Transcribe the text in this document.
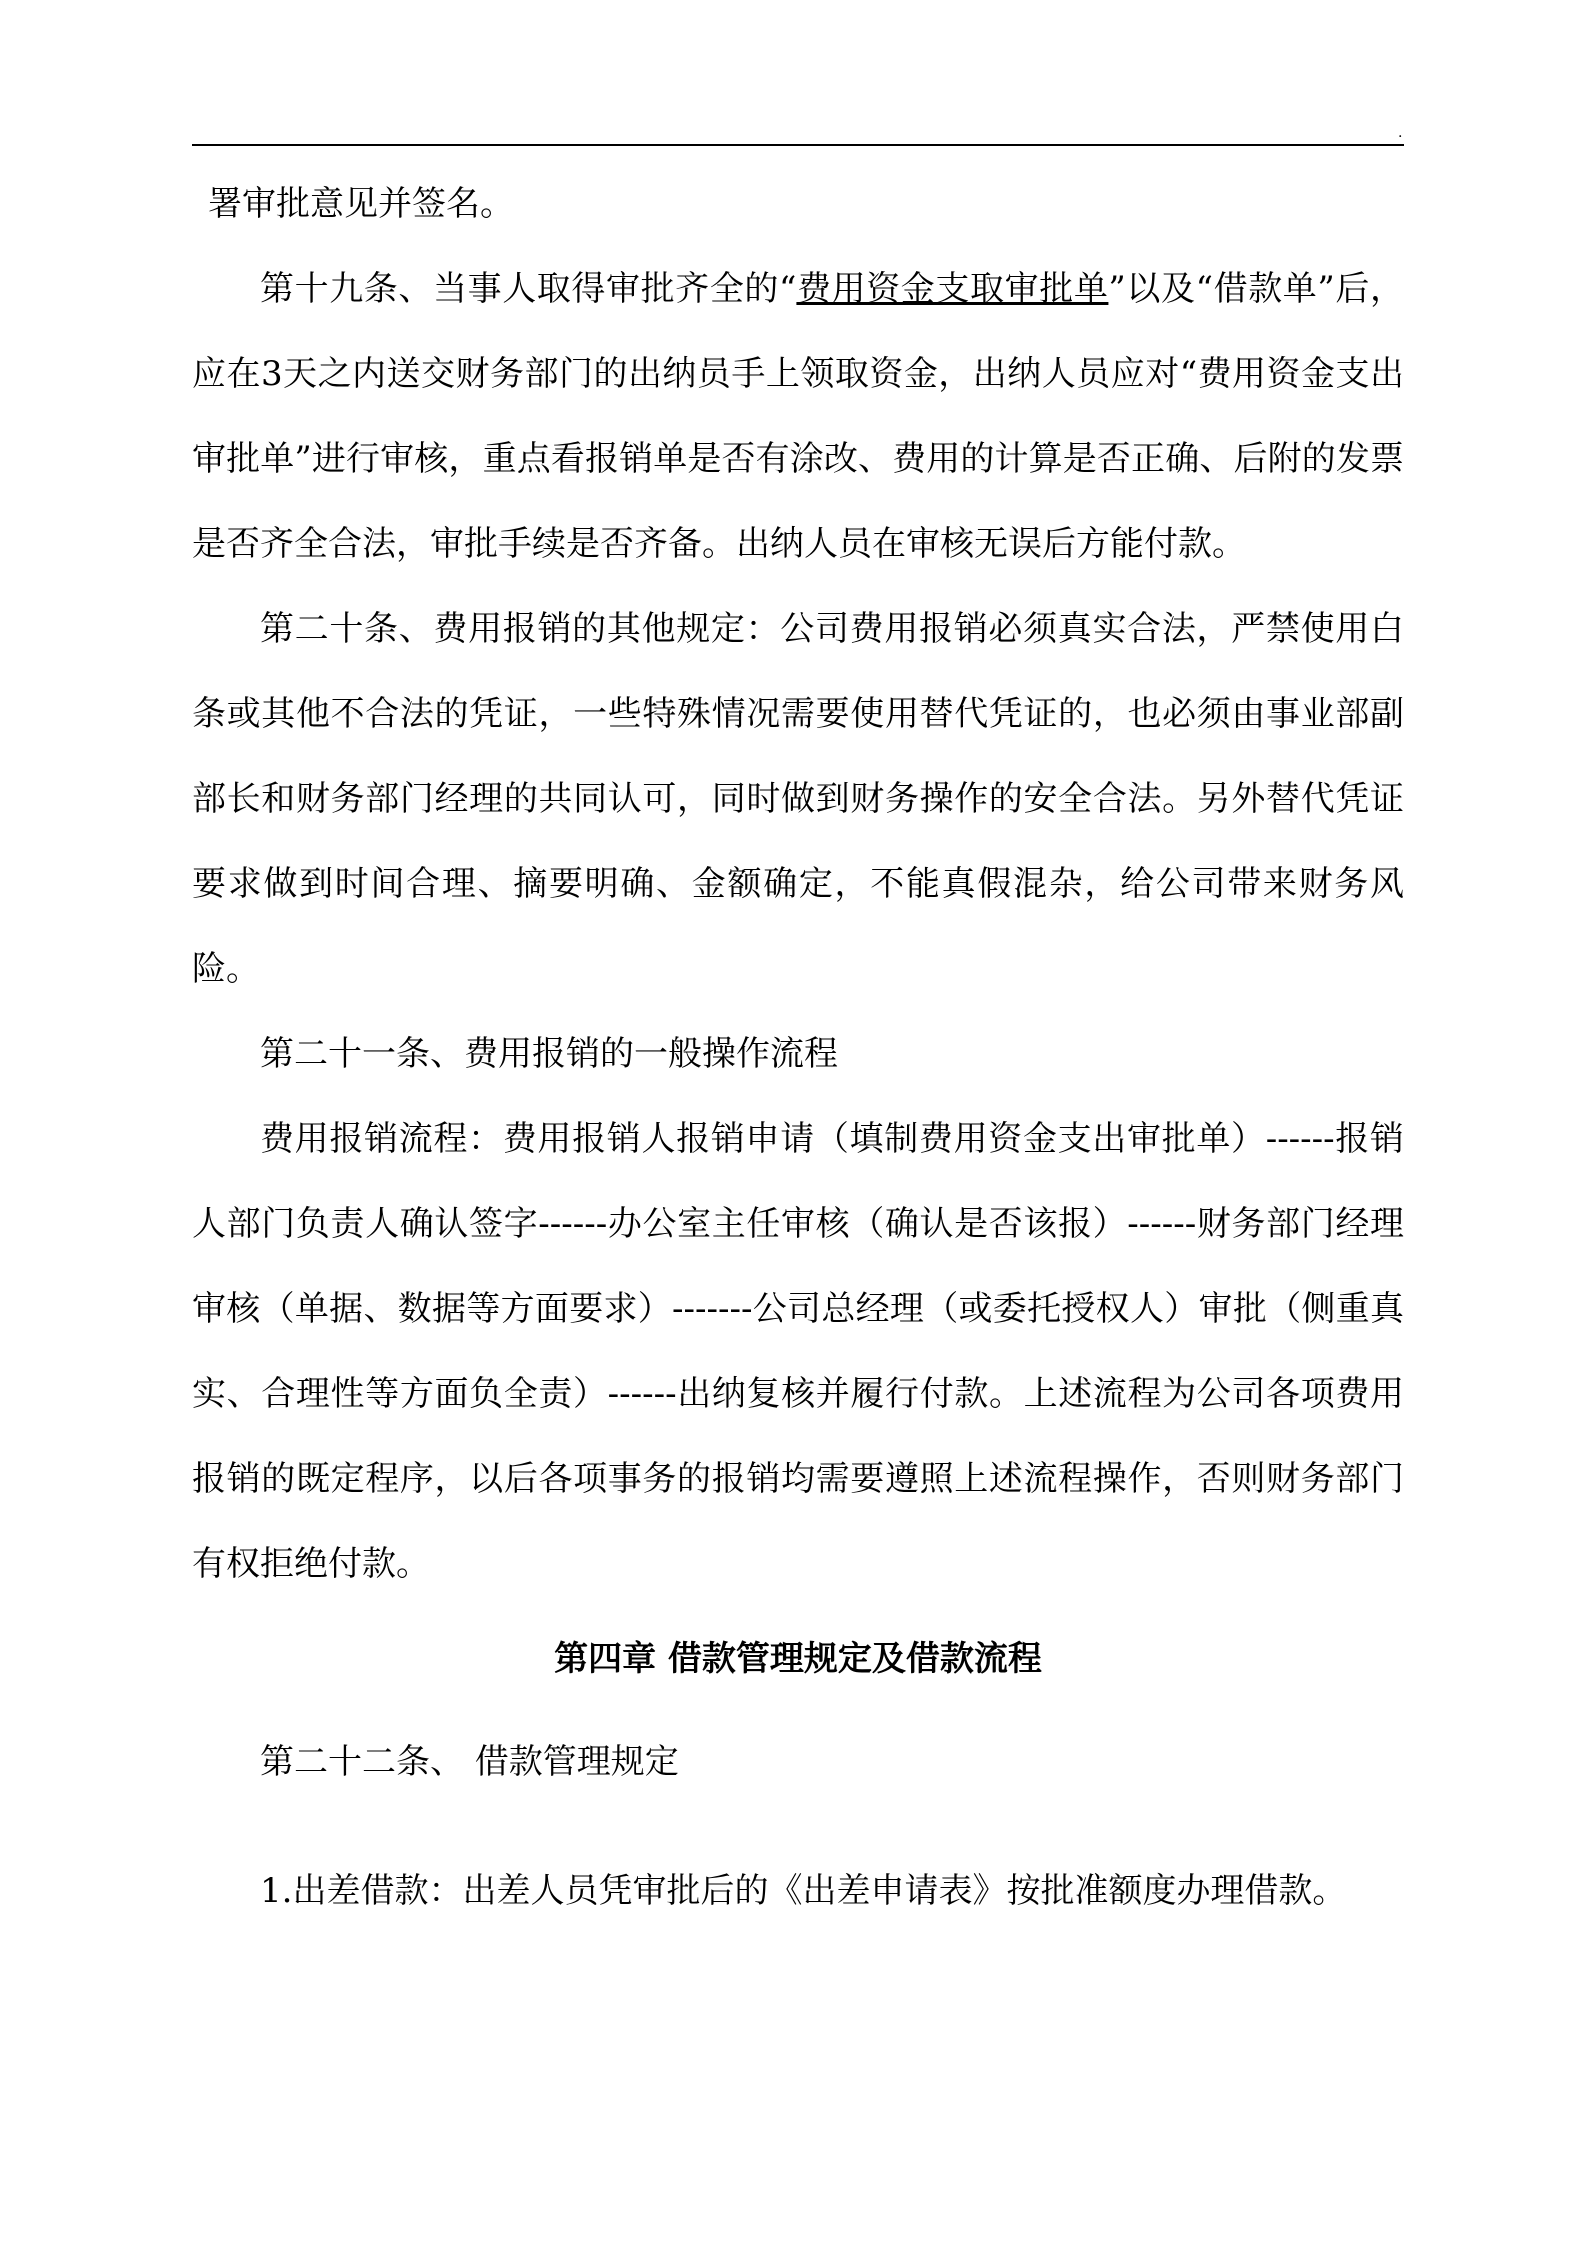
.

署审批意见并签名。

第十九条、当事人取得审批齐全的“费用资金支取审批单”以及“借款单”后，应在3天之内送交财务部门的出纳员手上领取资金，出纳人员应对“费用资金支出审批单”进行审核，重点看报销单是否有涂改、费用的计算是否正确、后附的发票是否齐全合法，审批手续是否齐备。出纳人员在审核无误后方能付款。

第二十条、费用报销的其他规定：公司费用报销必须真实合法，严禁使用白条或其他不合法的凭证，一些特殊情况需要使用替代凭证的，也必须由事业部副部长和财务部门经理的共同认可，同时做到财务操作的安全合法。另外替代凭证要求做到时间合理、摘要明确、金额确定，不能真假混杂，给公司带来财务风险。

第二十一条、费用报销的一般操作流程

费用报销流程：费用报销人报销申请（填制费用资金支出审批单）------报销人部门负责人确认签字------办公室主任审核（确认是否该报）------财务部门经理审核（单据、数据等方面要求）-------公司总经理（或委托授权人）审批（侧重真实、合理性等方面负全责）------出纳复核并履行付款。上述流程为公司各项费用报销的既定程序，以后各项事务的报销均需要遵照上述流程操作，否则财务部门有权拒绝付款。

第四章 借款管理规定及借款流程

第二十二条、 借款管理规定

1.出差借款：出差人员凭审批后的《出差申请表》按批准额度办理借款。
